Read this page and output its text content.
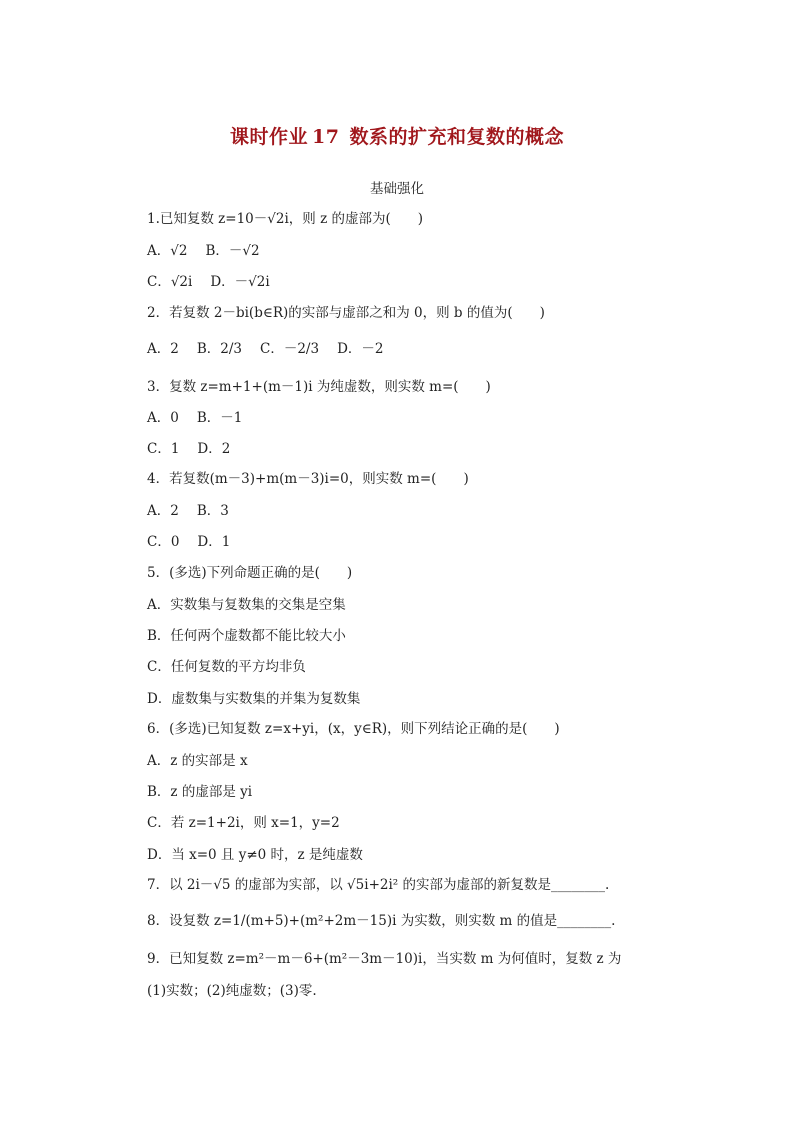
课时作业 17 数系的扩充和复数的概念
基础强化
1.已知复数 z=10－√2i，则 z 的虚部为(　　)
A．√2 B．－√2
C．√2i D．－√2i
2．若复数 2－bi(b∈R)的实部与虚部之和为 0，则 b 的值为(　　)
A．2 B．2/3 C．－2/3 D．－2
3．复数 z=m+1+(m－1)i 为纯虚数，则实数 m=(　　)
A．0 B．－1
C．1 D．2
4．若复数(m－3)+m(m－3)i=0，则实数 m=(　　)
A．2 B．3
C．0 D．1
5．(多选)下列命题正确的是(　　)
A．实数集与复数集的交集是空集
B．任何两个虚数都不能比较大小
C．任何复数的平方均非负
D．虚数集与实数集的并集为复数集
6．(多选)已知复数 z=x+yi，(x，y∈R)，则下列结论正确的是(　　)
A．z 的实部是 x
B．z 的虚部是 yi
C．若 z=1+2i，则 x=1，y=2
D．当 x=0 且 y≠0 时，z 是纯虚数
7．以 2i－√5 的虚部为实部，以 √5i+2i² 的实部为虚部的新复数是________.
8．设复数 z=1/(m+5)+(m²+2m－15)i 为实数，则实数 m 的值是________.
9．已知复数 z=m²－m－6+(m²－3m－10)i，当实数 m 为何值时，复数 z 为
(1)实数；(2)纯虚数；(3)零.
